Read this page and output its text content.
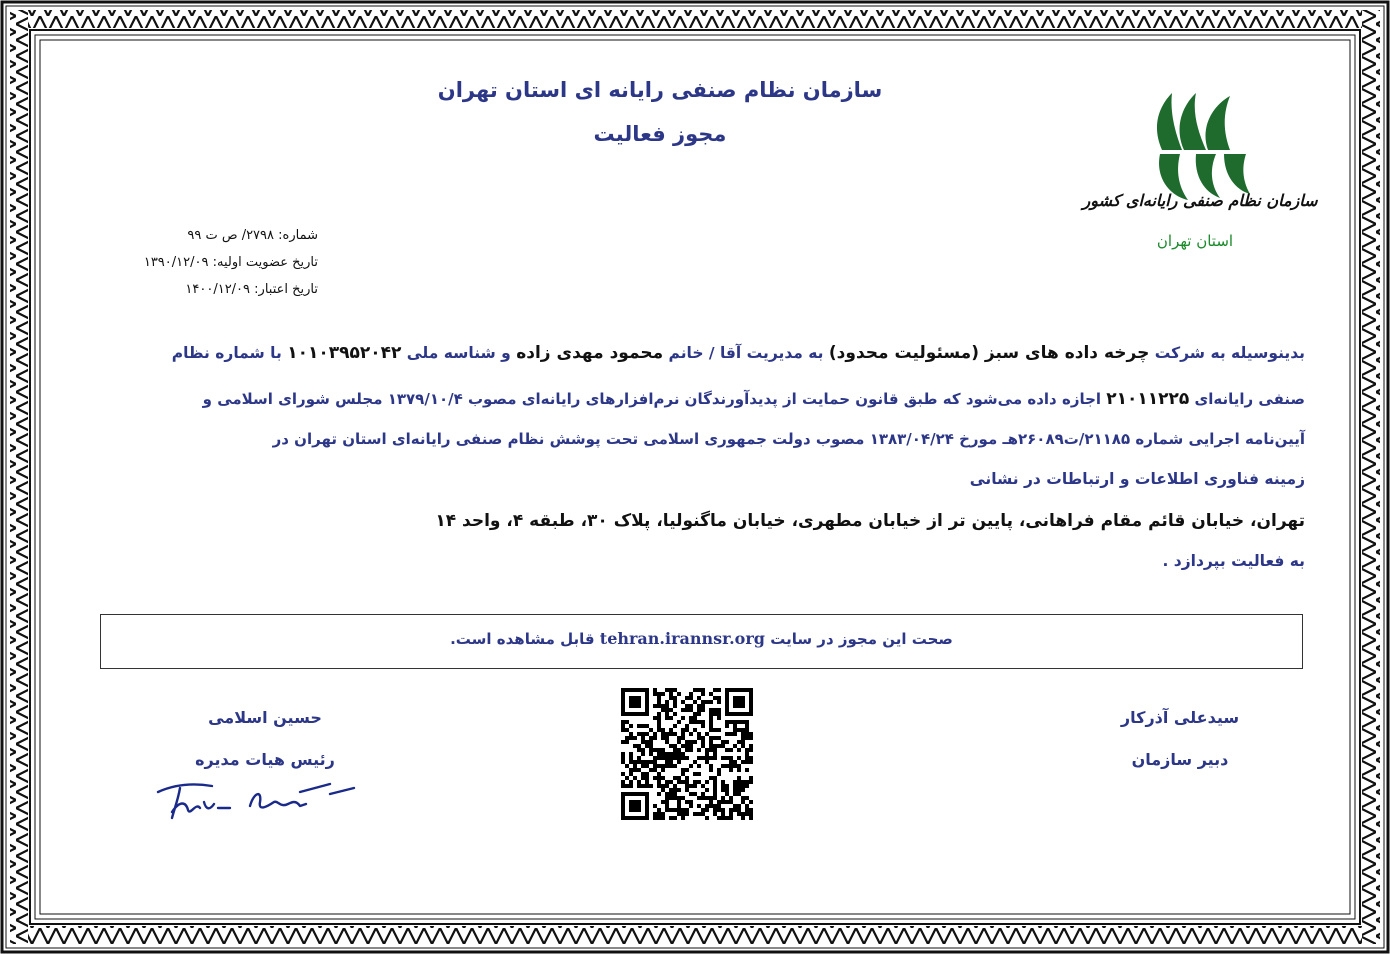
سازمان نظام صنفی رایانه ای استان تهران
مجوز فعالیت
سازمان نظام صنفی رایانه‌ای کشور
استان تهران
شماره: ۲۷۹۸/ ص ت ۹۹
تاریخ عضویت اولیه: ۱۳۹۰/۱۲/۰۹
تاریخ اعتبار: ۱۴۰۰/۱۲/۰۹
بدینوسیله به شرکت چرخه داده های سبز (مسئولیت محدود) به مدیریت آقا / خانم محمود مهدی زاده و شناسه ملی ۱۰۱۰۳۹۵۲۰۴۲ با شماره نظام
صنفی رایانه‌ای ۲۱۰۱۱۲۲۵ اجازه داده می‌شود که طبق قانون حمایت از پدیدآورندگان نرم‌افزارهای رایانه‌ای مصوب ۱۳۷۹/۱۰/۴ مجلس شورای اسلامی و
آیین‌نامه اجرایی شماره ۲۱۱۸۵/ت۲۶۰۸۹هـ مورخ ۱۳۸۳/۰۴/۲۴ مصوب دولت جمهوری اسلامی تحت پوشش نظام صنفی رایانه‌ای استان تهران در
زمینه فناوری اطلاعات و ارتباطات در نشانی
تهران، خیابان قائم مقام فراهانی، پایین تر از خیابان مطهری، خیابان ماگنولیا، پلاک ۳۰، طبقه ۴، واحد ۱۴
به فعالیت بپردازد .
صحت این مجوز در سایت tehran.irannsr.org قابل مشاهده است.
سیدعلی آذرکار
دبیر سازمان
حسین اسلامی
رئیس هیات مدیره
